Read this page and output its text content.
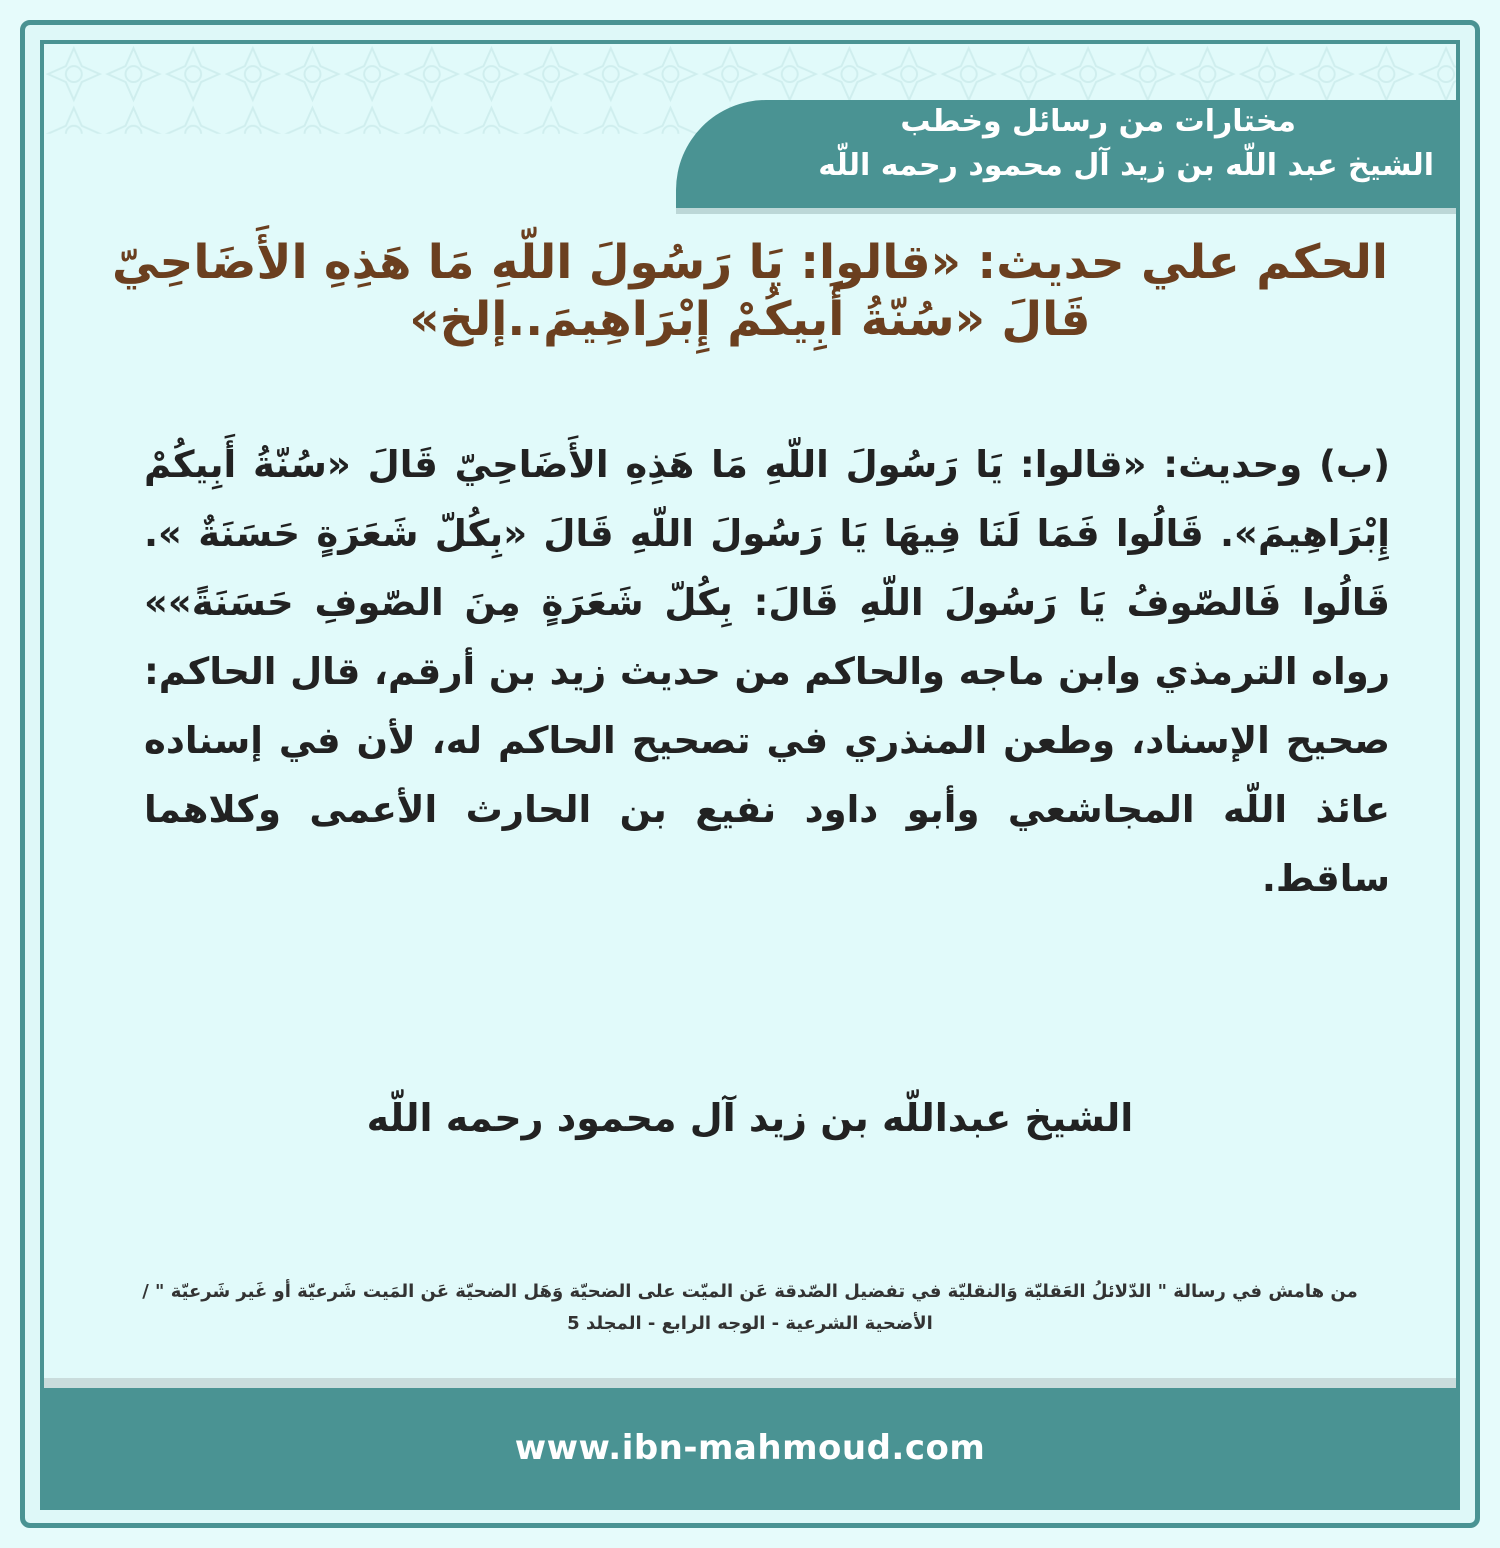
مختارات من رسائل وخطب
الشيخ عبد اللّه بن زيد آل محمود رحمه اللّه
الحكم علي حديث: «قالوا: يَا رَسُولَ اللّهِ مَا هَذِهِ الأَضَاحِيّ قَالَ «سُنّةُ أَبِيكُمْ إِبْرَاهِيمَ..إلخ»
(ب) وحديث: «قالوا: يَا رَسُولَ اللّهِ مَا هَذِهِ الأَضَاحِيّ قَالَ «سُنّةُ أَبِيكُمْ إِبْرَاهِيمَ». قَالُوا فَمَا لَنَا فِيهَا يَا رَسُولَ اللّهِ قَالَ «بِكُلّ شَعَرَةٍ حَسَنَةٌ ». قَالُوا فَالصّوفُ يَا رَسُولَ اللّهِ قَالَ: بِكُلّ شَعَرَةٍ مِنَ الصّوفِ حَسَنَةً»» رواه الترمذي وابن ماجه والحاكم من حديث زيد بن أرقم، قال الحاكم: صحيح الإسناد، وطعن المنذري في تصحيح الحاكم له، لأن في إسناده عائذ اللّه المجاشعي وأبو داود نفيع بن الحارث الأعمى وكلاهما ساقط.
الشيخ عبداللّه بن زيد آل محمود رحمه اللّه
من هامش في رسالة " الدّلائلُ العَقليّة وَالنقليّة في تفضيل الصّدقة عَن الميّت على الضحيّة وَهَل الضحيّة عَن المَيت شَرعيّة أو غَير شَرعيّة " / الأضحية الشرعية - الوجه الرابع - المجلد 5
www.ibn-mahmoud.com
